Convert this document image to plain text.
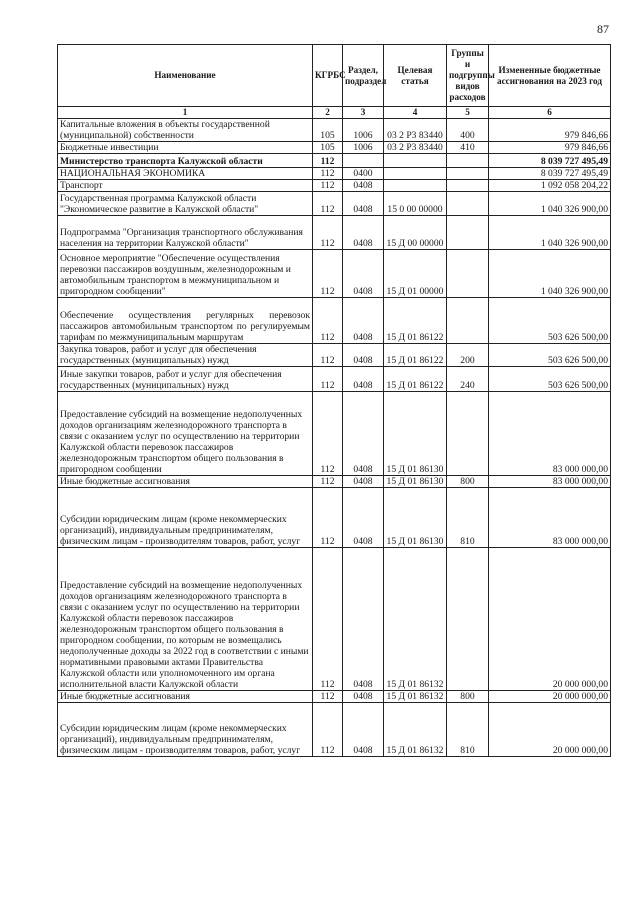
87
Наименование	КГРБС	Раздел, подраздел	Целевая статья	Группы и подгруппы видов расходов	Измененные бюджетные ассигнования на 2023 год
1	2	3	4	5	6
Капитальные вложения в объекты государственной (муниципальной) собственности	105	1006	03 2 Р3 83440	400	979 846,66
Бюджетные инвестиции	105	1006	03 2 Р3 83440	410	979 846,66
Министерство транспорта Калужской области	112				8 039 727 495,49
НАЦИОНАЛЬНАЯ ЭКОНОМИКА	112	0400			8 039 727 495,49
Транспорт	112	0408			1 092 058 204,22
Государственная программа Калужской области "Экономическое развитие в Калужской области"	112	0408	15 0 00 00000		1 040 326 900,00
Подпрограмма "Организация транспортного обслуживания населения на территории Калужской области"	112	0408	15 Д 00 00000		1 040 326 900,00
Основное мероприятие "Обеспечение осуществления перевозки пассажиров воздушным, железнодорожным и автомобильным транспортом в межмуниципальном и пригородном сообщении"	112	0408	15 Д 01 00000		1 040 326 900,00
Обеспечение осуществления регулярных перевозок пассажиров автомобильным транспортом по регулируемым тарифам по межмуниципальным маршрутам	112	0408	15 Д 01 86122		503 626 500,00
Закупка товаров, работ и услуг для обеспечения государственных (муниципальных) нужд	112	0408	15 Д 01 86122	200	503 626 500,00
Иные закупки товаров, работ и услуг для обеспечения государственных (муниципальных) нужд	112	0408	15 Д 01 86122	240	503 626 500,00
Предоставление субсидий на возмещение недополученных доходов организациям железнодорожного транспорта в связи с оказанием услуг по осуществлению на территории Калужской области перевозок пассажиров железнодорожным транспортом общего пользования в пригородном сообщении	112	0408	15 Д 01 86130		83 000 000,00
Иные бюджетные ассигнования	112	0408	15 Д 01 86130	800	83 000 000,00
Субсидии юридическим лицам (кроме некоммерческих организаций), индивидуальным предпринимателям, физическим лицам - производителям товаров, работ, услуг	112	0408	15 Д 01 86130	810	83 000 000,00
Предоставление субсидий на возмещение недополученных доходов организациям железнодорожного транспорта в связи с оказанием услуг по осуществлению на территории Калужской области перевозок пассажиров железнодорожным транспортом общего пользования в пригородном сообщении, по которым не возмещались недополученные доходы за 2022 год в соответствии с иными нормативными правовыми актами Правительства Калужской области или уполномоченного им органа исполнительной власти Калужской области	112	0408	15 Д 01 86132		20 000 000,00
Иные бюджетные ассигнования	112	0408	15 Д 01 86132	800	20 000 000,00
Субсидии юридическим лицам (кроме некоммерческих организаций), индивидуальным предпринимателям, физическим лицам - производителям товаров, работ, услуг	112	0408	15 Д 01 86132	810	20 000 000,00
